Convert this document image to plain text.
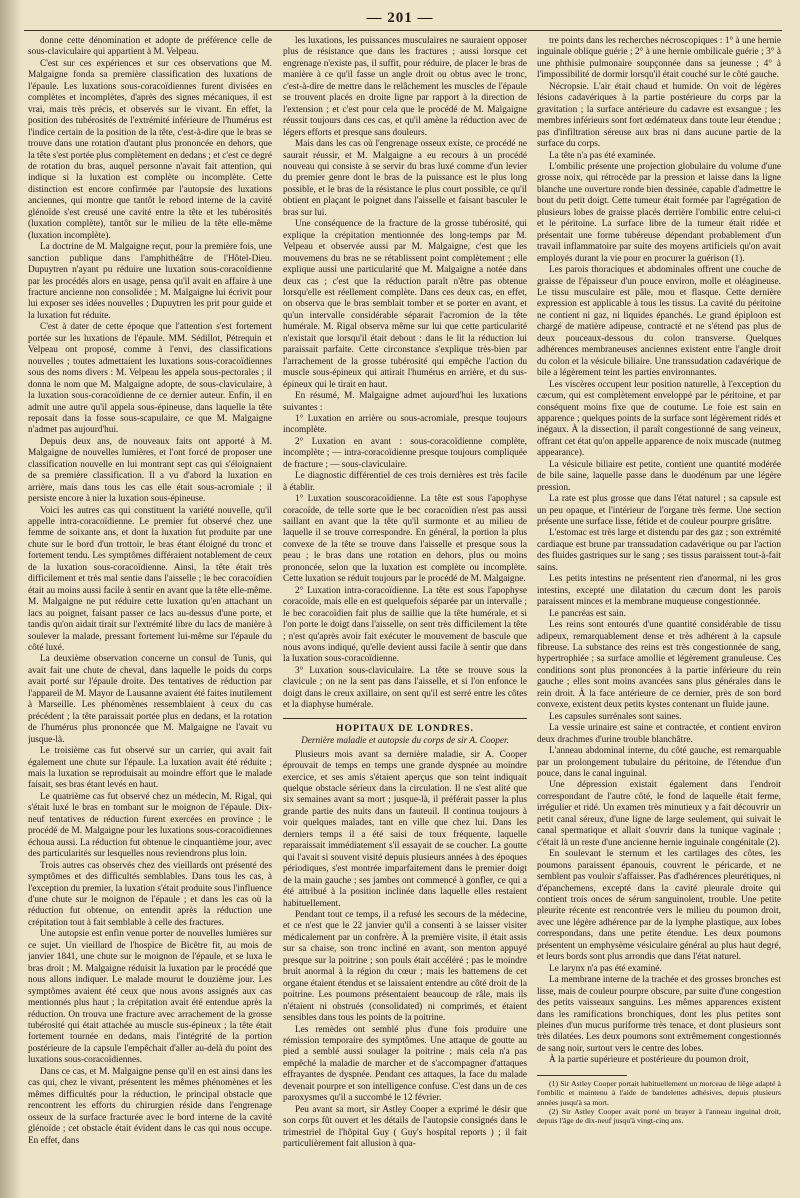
— 201 —

donne cette dénomination et adopte de préférence celle de sous-claviculaire qui appartient à M. Velpeau.

C'est sur ces expériences et sur ces observations que M. Malgaigne fonda sa première classification des luxations de l'épaule. Les luxations sous-coracoïdiennes furent divisées en complètes et incomplètes, d'après des signes mécaniques, il est vrai, mais très précis, et observés sur le vivant. En effet, la position des tubérosités de l'extrémité inférieure de l'humérus est l'indice certain de la position de la tête, c'est-à-dire que le bras se trouve dans une rotation d'autant plus prononcée en dehors, que la tête s'est portée plus complètement en dedans ; et c'est ce degré de rotation du bras, auquel personne n'avait fait attention, qui indique si la luxation est complète ou incomplète. Cette distinction est encore confirmée par l'autopsie des luxations anciennes, qui montre que tantôt le rebord interne de la cavité glénoïde s'est creusé une cavité entre la tête et les tubérosités (luxation complète), tantôt sur le milieu de la tête elle-même (luxation incomplète).

La doctrine de M. Malgaigne reçut, pour la première fois, une sanction publique dans l'amphithéâtre de l'Hôtel-Dieu. Dupuytren n'ayant pu réduire une luxation sous-coracoïdienne par les procédés alors en usage, pensa qu'il avait en affaire à une fracture ancienne non consolidée ; M. Malgaigne lui écrivit pour lui exposer ses idées nouvelles ; Dupuytren les prit pour guide et la luxation fut réduite.

C'est à dater de cette époque que l'attention s'est fortement portée sur les luxations de l'épaule. MM. Sédillot, Pétrequin et Velpeau ont proposé, comme à l'envi, des classifications nouvelles ; toutes admettaient les luxations sous-coracoïdiennes sous des noms divers : M. Velpeau les appela sous-pectorales ; il donna le nom que M. Malgaigne adopte, de sous-claviculaire, à la luxation sous-coracoïdienne de ce dernier auteur. Enfin, il en admit une autre qu'il appela sous-épineuse, dans laquelle la tête reposait dans la fosse sous-scapulaire, ce que M. Malgaigne n'admet pas aujourd'hui.

Depuis deux ans, de nouveaux faits ont apporté à M. Malgaigne de nouvelles lumières, et l'ont forcé de proposer une classification nouvelle en lui montrant sept cas qui s'éloignaient de sa première classification. Il a vu d'abord la luxation en arrière, mais dans tous les cas elle était sous-acromiale ; il persiste encore à nier la luxation sous-épineuse.

Voici les autres cas qui constituent la variété nouvelle, qu'il appelle intra-coracoïdienne. Le premier fut observé chez une femme de soixante ans, et dont la luxation fut produite par une chute sur le bord d'un trottoir, le bras étant éloigné du tronc et fortement tendu. Les symptômes différaient notablement de ceux de la luxation sous-coracoïdienne. Ainsi, la tête était très difficilement et très mal sentie dans l'aisselle ; le bec coracoïdien était au moins aussi facile à sentir en avant que la tête elle-même. M. Malgaigne ne put réduire cette luxation qu'en attachant un lacs au poignet, faisant passer ce lacs au-dessus d'une porte, et tandis qu'on aidait tirait sur l'extrémité libre du lacs de manière à soulever la malade, pressant fortement lui-même sur l'épaule du côté luxé.

La deuxième observation concerne un consul de Tunis, qui avait fait une chute de cheval, dans laquelle le poids du corps avait porté sur l'épaule droite. Des tentatives de réduction par l'appareil de M. Mayor de Lausanne avaient été faites inutilement à Marseille. Les phénomènes ressemblaient à ceux du cas précédent ; la tête paraissait portée plus en dedans, et la rotation de l'humérus plus prononcée que M. Malgaigne ne l'avait vu jusque-là.

Le troisième cas fut observé sur un carrier, qui avait fait également une chute sur l'épaule. La luxation avait été réduite ; mais la luxation se reproduisait au moindre effort que le malade faisait, ses bras étant levés en haut.

Le quatrième cas fut observé chez un médecin, M. Rigal, qui s'était luxé le bras en tombant sur le moignon de l'épaule. Dix-neuf tentatives de réduction furent exercées en province ; le procédé de M. Malgaigne pour les luxations sous-coracoïdiennes échoua aussi. La réduction fut obtenue le cinquantième jour, avec des particularités sur lesquelles nous reviendrons plus loin.

Trois autres cas observés chez des vieillards ont présenté des symptômes et des difficultés semblables. Dans tous les cas, à l'exception du premier, la luxation s'était produite sous l'influence d'une chute sur le moignon de l'épaule ; et dans les cas où la réduction fut obtenue, on entendit après la réduction une crépitation tout à fait semblable à celle des fractures.

Une autopsie est enfin venue porter de nouvelles lumières sur ce sujet. Un vieillard de l'hospice de Bicêtre fit, au mois de janvier 1841, une chute sur le moignon de l'épaule, et se luxa le bras droit ; M. Malgaigne réduisit la luxation par le procédé que nous allons indiquer. Le malade mourut le douzième jour. Les symptômes avaient été ceux que nous avons assignés aux cas mentionnés plus haut ; la crépitation avait été entendue après la réduction. On trouva une fracture avec arrachement de la grosse tubérosité qui était attachée au muscle sus-épineux ; la tête était fortement tournée en dedans, mais l'intégrité de la portion postérieure de la capsule l'empêchait d'aller au-delà du point des luxations sous-coracoïdiennes.

Dans ce cas, et M. Malgaigne pense qu'il en est ainsi dans les cas qui, chez le vivant, présentent les mêmes phénomènes et les mêmes difficultés pour la réduction, le principal obstacle que rencontrent les efforts du chirurgien réside dans l'engrenage osseux de la surface fracturée avec le bord interne de la cavité glénoïde ; cet obstacle était évident dans le cas qui nous occupe. En effet, dans

les luxations, les puissances musculaires ne sauraient opposer plus de résistance que dans les fractures ; aussi lorsque cet engrenage n'existe pas, il suffit, pour réduire, de placer le bras de manière à ce qu'il fasse un angle droit ou obtus avec le tronc, c'est-à-dire de mettre dans le relâchement les muscles de l'épaule se trouvent placés en droite ligne par rapport à la direction de l'extension ; et c'est pour cela que le procédé de M. Malgaigne réussit toujours dans ces cas, et qu'il amène la réduction avec de légers efforts et presque sans douleurs.

Mais dans les cas où l'engrenage osseux existe, ce procédé ne saurait réussir, et M. Malgaigne a eu recours à un procédé nouveau qui consiste à se servir du bras luxé comme d'un levier du premier genre dont le bras de la puissance est le plus long possible, et le bras de la résistance le plus court possible, ce qu'il obtient en plaçant le poignet dans l'aisselle et faisant basculer le bras sur lui.

Une conséquence de la fracture de la grosse tubérosité, qui explique la crépitation mentionnée des long-temps par M. Velpeau et observée aussi par M. Malgaigne, c'est que les mouvemens du bras ne se rétablissent point complètement ; elle explique aussi une particularité que M. Malgaigne a notée dans deux cas ; c'est que la réduction paraît n'être pas obtenue lorsqu'elle est réellement complète. Dans ces deux cas, en effet, on observa que le bras semblait tomber et se porter en avant, et qu'un intervalle considérable séparait l'acromion de la tête humérale. M. Rigal observa même sur lui que cette particularité n'existait que lorsqu'il était debout : dans le lit la réduction lui paraissait parfaite. Cette circonstance s'explique très-bien par l'arrachement de la grosse tubérosité qui empêche l'action du muscle sous-épineux qui attirait l'humérus en arrière, et du sus-épineux qui le tirait en haut.

En résumé, M. Malgaigne admet aujourd'hui les luxations suivantes :

1° Luxation en arrière ou sous-acromiale, presque toujours incomplète.

2° Luxation en avant : sous-coracoïdienne complète, incomplète ; — intra-coracoïdienne presque toujours compliquée de fracture ; — sous-claviculaire.

Le diagnostic différentiel de ces trois dernières est très facile à établir.

1° Luxation souscoracoïdienne. La tête est sous l'apophyse coracoïde, de telle sorte que le bec coracoïdien n'est pas aussi saillant en avant que la tête qu'il surmonte et au milieu de laquelle il se trouve correspondre. En général, la portion la plus convexe de la tête se trouve dans l'aisselle et presque sous la peau ; le bras dans une rotation en dehors, plus ou moins prononcée, selon que la luxation est complète ou incomplète. Cette luxation se réduit toujours par le procédé de M. Malgaigne.

2° Luxation intra-coracoïdienne. La tête est sous l'apophyse coracoïde, mais elle en est quelquefois séparée par un intervalle ; le bec coracoïdien fait plus de saillie que la tête humérale, et si l'on porte le doigt dans l'aisselle, on sent très difficilement la tête ; n'est qu'après avoir fait exécuter le mouvement de bascule que nous avons indiqué, qu'elle devient aussi facile à sentir que dans la luxation sous-coracoïdienne.

3° Luxation sous-claviculaire. La tête se trouve sous la clavicule ; on ne la sent pas dans l'aisselle, et si l'on enfonce le doigt dans le creux axillaire, on sent qu'il est serré entre les côtes et la diaphyse humérale.

HOPITAUX DE LONDRES.
Dernière maladie et autopsie du corps de sir A. Cooper.

Plusieurs mois avant sa dernière maladie, sir A. Cooper éprouvait de temps en temps une grande dyspnée au moindre exercice, et ses amis s'étaient aperçus que son teint indiquait quelque obstacle sérieux dans la circulation. Il ne s'est alité que six semaines avant sa mort ; jusque-là, il préférait passer la plus grande partie des nuits dans un fauteuil. Il continua toujours à voir quelques malades, tant en ville que chez lui. Dans les derniers temps il a été saisi de toux fréquente, laquelle reparaissait immédiatement s'il essayait de se coucher. La goutte qui l'avait si souvent visité depuis plusieurs années à des époques périodiques, s'est montrée imparfaitement dans le premier doigt de la main gauche ; ses jambes ont commencé à gonfler, ce qui a été attribué à la position inclinée dans laquelle elles restaient habituellement.

Pendant tout ce temps, il a refusé les secours de la médecine, et ce n'est que le 22 janvier qu'il a consenti à se laisser visiter médicalement par un confrère. À la première visite, il était assis sur sa chaise, son tronc incliné en avant, son menton appuyé presque sur la poitrine ; son pouls était accéléré ; pas le moindre bruit anormal à la région du cœur ; mais les battemens de cet organe étaient étendus et se laissaient entendre au côté droit de la poitrine. Les poumons présentaient beaucoup de râle, mais ils n'étaient ni obstrués (consolidated) ni comprimés, et étaient sensibles dans tous les points de la poitrine.

Les remèdes ont semblé plus d'une fois produire une rémission temporaire des symptômes. Une attaque de goutte au pied a semblé aussi soulager la poitrine ; mais cela n'a pas empêché la maladie de marcher et de s'accompagner d'attaques effrayantes de dyspnée. Pendant ces attaques, la face du malade devenait pourpre et son intelligence confuse. C'est dans un de ces paroxysmes qu'il a succombé le 12 février.

Peu avant sa mort, sir Astley Cooper a exprimé le désir que son corps fût ouvert et les détails de l'autopsie consignés dans le trimestriel de l'hôpital Guy ( Guy's hospital reports ) ; il fait particulièrement fait allusion à qua-

tre points dans les recherches nécroscopiques : 1° à une hernie inguinale oblique guérie ; 2° à une hernie ombilicale guérie ; 3° à une phthisie pulmonaire soupçonnée dans sa jeunesse ; 4° à l'impossibilité de dormir lorsqu'il était couché sur le côté gauche.

Nécropsie. L'air était chaud et humide. On voit de légères lésions cadavériques à la partie postérieure du corps par la gravitation ; la surface antérieure du cadavre est exsangue ; les membres inférieurs sont fort œdémateux dans toute leur étendue ; pas d'infiltration séreuse aux bras ni dans aucune partie de la surface du corps.

La tête n'a pas été examinée.

L'ombilic présente une projection globulaire du volume d'une grosse noix, qui rétrocède par la pression et laisse dans la ligne blanche une ouverture ronde bien dessinée, capable d'admettre le bout du petit doigt. Cette tumeur était formée par l'agrégation de plusieurs lobes de graisse placés derrière l'ombilic entre celui-ci et le péritoine. La surface libre de la tumeur était ridée et présentait une forme tubéreuse dépendant probablement d'un travail inflammatoire par suite des moyens artificiels qu'on avait employés durant la vie pour en procurer la guérison (1).

Les parois thoraciques et abdominales offrent une couche de graisse de l'épaisseur d'un pouce environ, molle et oléagineuse. Le tissu musculaire est pâle, mou et flasque. Cette dernière expression est applicable à tous les tissus. La cavité du péritoine ne contient ni gaz, ni liquides épanchés. Le grand épiploon est chargé de matière adipeuse, contracté et ne s'étend pas plus de deux pouceaux-dessous du colon transverse. Quelques adhérences membraneuses anciennes existent entre l'angle droit du colon et la vésicule biliaire. Une transsudation cadavérique de bile a légèrement teint les parties environnantes.

Les viscères occupent leur position naturelle, à l'exception du cæcum, qui est complètement enveloppé par le péritoine, et par conséquent moins fixe que de coutume. Le foie est sain en apparence ; quelques points de la surface sont légèrement ridés et inégaux. À la dissection, il paraît congestionné de sang veineux, offrant cet état qu'on appelle apparence de noix muscade (nutmeg appearance).

La vésicule biliaire est petite, contient une quantité modérée de bile saine, laquelle passe dans le duodénum par une légère pression.

La rate est plus grosse que dans l'état naturel ; sa capsule est un peu opaque, et l'intérieur de l'organe très ferme. Une section présente une surface lisse, fétide et de couleur pourpre grisâtre.

L'estomac est très large et distendu par des gaz ; son extrémité cardiaque est brune par transsudation cadavérique ou par l'action des fluides gastriques sur le sang ; ses tissus paraissent tout-à-fait sains.

Les petits intestins ne présentent rien d'anormal, ni les gros intestins, excepté une dilatation du cæcum dont les parois paraissent minces et la membrane muqueuse congestionnée.

Le pancréas est sain.

Les reins sont entourés d'une quantité considérable de tissu adipeux, remarquablement dense et très adhérent à la capsule fibreuse. La substance des reins est très congestionnée de sang, hypertrophiée ; sa surface amollie et légèrement granuleuse. Ces conditions sont plus prononcées à la partie inférieure du rein gauche ; elles sont moins avancées sans plus générales dans le rein droit. À la face antérieure de ce dernier, près de son bord convexe, existent deux petits kystes contenant un fluide jaune.

Les capsules surrénales sont saines.

La vessie urinaire est saine et contractée, et contient environ deux drachmes d'urine trouble blanchâtre.

L'anneau abdominal interne, du côté gauche, est remarquable par un prolongement tubulaire du péritoine, de l'étendue d'un pouce, dans le canal inguinal.

Une dépression existait également dans l'endroit correspondant de l'autre côté, le fond de laquelle était ferme, irrégulier et ridé. Un examen très minutieux y a fait découvrir un petit canal séreux, d'une ligne de large seulement, qui suivait le canal spermatique et allait s'ouvrir dans la tunique vaginale ; c'était là un reste d'une ancienne hernie inguinale congénitale (2).

En soulevant le sternum et les cartilages des côtes, les poumons paraissent épanouis, couvrent le péricarde, et ne semblent pas vouloir s'affaisser. Pas d'adhérences pleurétiques, ni d'épanchemens, excepté dans la cavité pleurale droite qui contient trois onces de sérum sanguinolent, trouble. Une petite pleurite récente est rencontrée vers le milieu du poumon droit, avec une légère adhérence par de la lymphe plastique, aux lobes correspondans, dans une petite étendue. Les deux poumons présentent un emphysème vésiculaire général au plus haut degré, et leurs bords sont plus arrondis que dans l'état naturel.

Le larynx n'a pas été examiné.

La membrane interne de la trachée et des grosses bronches est lisse, mais de couleur pourpre obscure, par suite d'une congestion des petits vaisseaux sanguins. Les mêmes apparences existent dans les ramifications bronchiques, dont les plus petites sont pleines d'un mucus puriforme très tenace, et dont plusieurs sont très dilatées. Les deux poumons sont extrêmement congestionnés de sang noir, surtout vers le centre des lobes.

À la partie supérieure et postérieure du poumon droit,

(1) Sir Astley Cooper portait habituellement un morceau de liège adapté à l'ombilic et maintenu à l'aide de bandelettes adhésives, depuis plusieurs années jusqu'à sa mort.

(2) Sir Astley Cooper avait porté un brayer à l'anneau inguinal droit, depuis l'âge de dix-neuf jusqu'à vingt-cinq ans.
